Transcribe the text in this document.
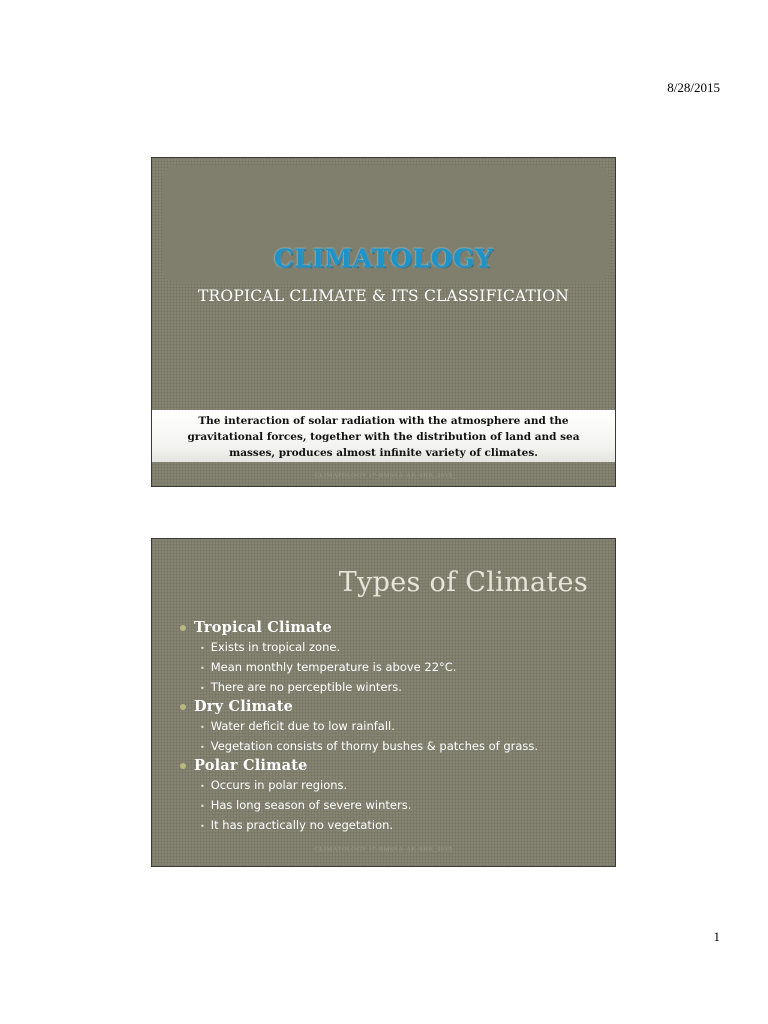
8/28/2015
CLIMATOLOGY
TROPICAL CLIMATE & ITS CLASSIFICATION
The interaction of solar radiation with the atmosphere and the
gravitational forces, together with the distribution of land and sea
masses, produces almost infinite variety of climates.
CLIMATOLOGY 17-BMSSA-AK-SHK_2015
Types of Climates
Tropical Climate
• Exists in tropical zone.
• Mean monthly temperature is above 22°C.
• There are no perceptible winters.
Dry Climate
• Water deficit due to low rainfall.
• Vegetation consists of thorny bushes & patches of grass.
Polar Climate
• Occurs in polar regions.
• Has long season of severe winters.
• It has practically no vegetation.
CLIMATOLOGY 17-BMSSA-AK-SHK_2015
1
